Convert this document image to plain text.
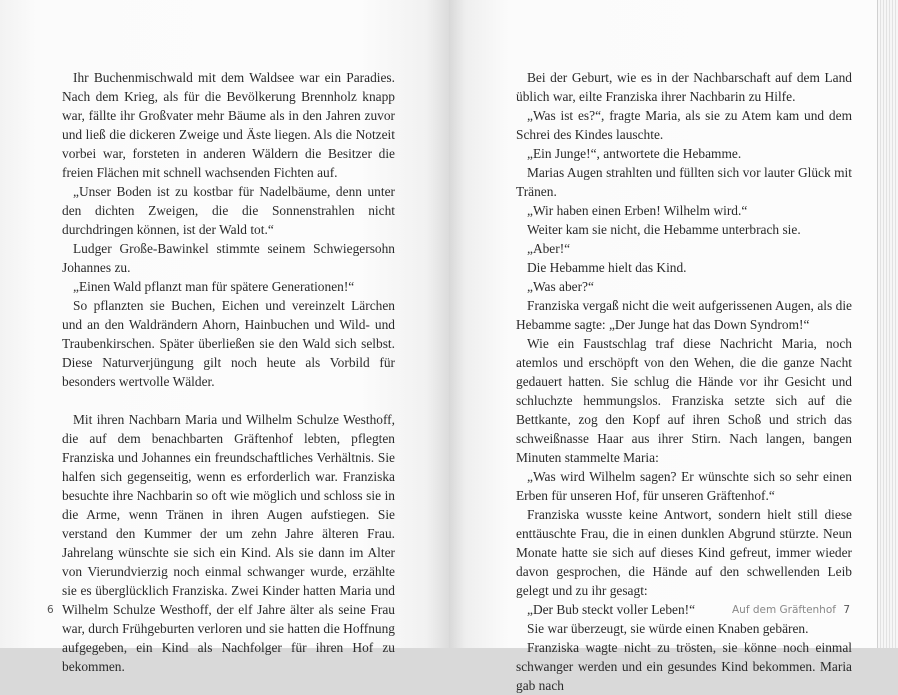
Ihr Buchenmischwald mit dem Waldsee war ein Paradies. Nach dem Krieg, als für die Bevölkerung Brennholz knapp war, fällte ihr Großvater mehr Bäume als in den Jahren zuvor und ließ die dickeren Zweige und Äste liegen. Als die Notzeit vorbei war, forsteten in anderen Wäldern die Besitzer die freien Flächen mit schnell wachsenden Fichten auf.

„Unser Boden ist zu kostbar für Nadelbäume, denn unter den dichten Zweigen, die die Sonnenstrahlen nicht durchdringen können, ist der Wald tot.“

Ludger Große-Bawinkel stimmte seinem Schwiegersohn Johannes zu.

„Einen Wald pflanzt man für spätere Generationen!“

So pflanzten sie Buchen, Eichen und vereinzelt Lärchen und an den Waldrändern Ahorn, Hainbuchen und Wild- und Traubenkirschen. Später überließen sie den Wald sich selbst. Diese Naturverjüngung gilt noch heute als Vorbild für besonders wertvolle Wälder.

Mit ihren Nachbarn Maria und Wilhelm Schulze Westhoff, die auf dem benachbarten Gräftenhof lebten, pflegten Franziska und Johannes ein freundschaftliches Verhältnis. Sie halfen sich gegenseitig, wenn es erforderlich war. Franziska besuchte ihre Nachbarin so oft wie möglich und schloss sie in die Arme, wenn Tränen in ihren Augen aufstiegen. Sie verstand den Kummer der um zehn Jahre älteren Frau. Jahrelang wünschte sie sich ein Kind. Als sie dann im Alter von Vierundvierzig noch einmal schwanger wurde, erzählte sie es überglücklich Franziska. Zwei Kinder hatten Maria und Wilhelm Schulze Westhoff, der elf Jahre älter als seine Frau war, durch Frühgeburten verloren und sie hatten die Hoffnung aufgegeben, ein Kind als Nachfolger für ihren Hof zu bekommen.

6

Bei der Geburt, wie es in der Nachbarschaft auf dem Land üblich war, eilte Franziska ihrer Nachbarin zu Hilfe.

„Was ist es?“, fragte Maria, als sie zu Atem kam und dem Schrei des Kindes lauschte.

„Ein Junge!“, antwortete die Hebamme.

Marias Augen strahlten und füllten sich vor lauter Glück mit Tränen.

„Wir haben einen Erben! Wilhelm wird.“

Weiter kam sie nicht, die Hebamme unterbrach sie.

„Aber!“

Die Hebamme hielt das Kind.

„Was aber?“

Franziska vergaß nicht die weit aufgerissenen Augen, als die Hebamme sagte: „Der Junge hat das Down Syndrom!“

Wie ein Faustschlag traf diese Nachricht Maria, noch atemlos und erschöpft von den Wehen, die die ganze Nacht gedauert hatten. Sie schlug die Hände vor ihr Gesicht und schluchzte hemmungslos. Franziska setzte sich auf die Bettkante, zog den Kopf auf ihren Schoß und strich das schweißnasse Haar aus ihrer Stirn. Nach langen, bangen Minuten stammelte Maria:

„Was wird Wilhelm sagen? Er wünschte sich so sehr einen Erben für unseren Hof, für unseren Gräftenhof.“

Franziska wusste keine Antwort, sondern hielt still diese enttäuschte Frau, die in einen dunklen Abgrund stürzte. Neun Monate hatte sie sich auf dieses Kind gefreut, immer wieder davon gesprochen, die Hände auf den schwellenden Leib gelegt und zu ihr gesagt:

„Der Bub steckt voller Leben!“

Sie war überzeugt, sie würde einen Knaben gebären.

Franziska wagte nicht zu trösten, sie könne noch einmal schwanger werden und ein gesundes Kind bekommen. Maria gab nach

Auf dem Gräftenhof 7
